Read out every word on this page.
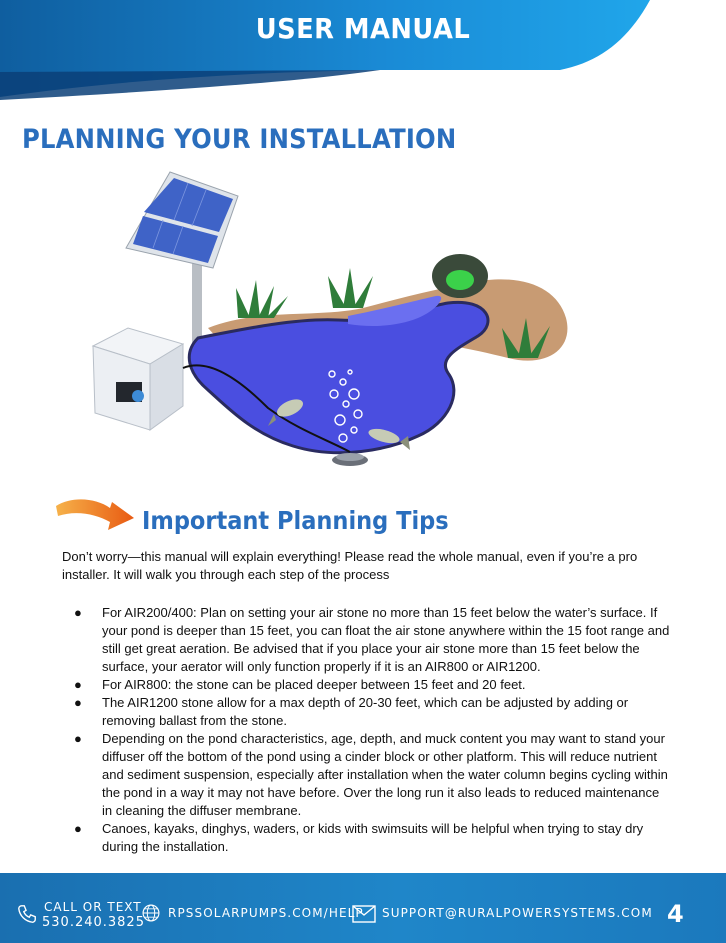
USER MANUAL
PLANNING YOUR INSTALLATION
Important Planning Tips
Don’t worry—this manual will explain everything! Please read the whole manual, even if you’re a pro installer. It will walk you through each step of the process
● For AIR200/400: Plan on setting your air stone no more than 15 feet below the water’s surface. If your pond is deeper than 15 feet, you can float the air stone anywhere within the 15 foot range and still get great aeration. Be advised that if you place your air stone more than 15 feet below the surface, your aerator will only function properly if it is an AIR800 or AIR1200.
● For AIR800: the stone can be placed deeper between 15 feet and 20 feet.
● The AIR1200 stone allow for a max depth of 20-30 feet, which can be adjusted by adding or removing ballast from the stone.
● Depending on the pond characteristics, age, depth, and muck content you may want to stand your diffuser off the bottom of the pond using a cinder block or other platform. This will reduce nutrient and sediment suspension, especially after installation when the water column begins cycling within the pond in a way it may not have before. Over the long run it also leads to reduced maintenance in cleaning the diffuser membrane.
● Canoes, kayaks, dinghys, waders, or kids with swimsuits will be helpful when trying to stay dry during the installation.
CALL OR TEXT
530.240.3825
RPSSOLARPUMPS.COM/HELP SUPPORT@RURALPOWERSYSTEMS.COM 4
